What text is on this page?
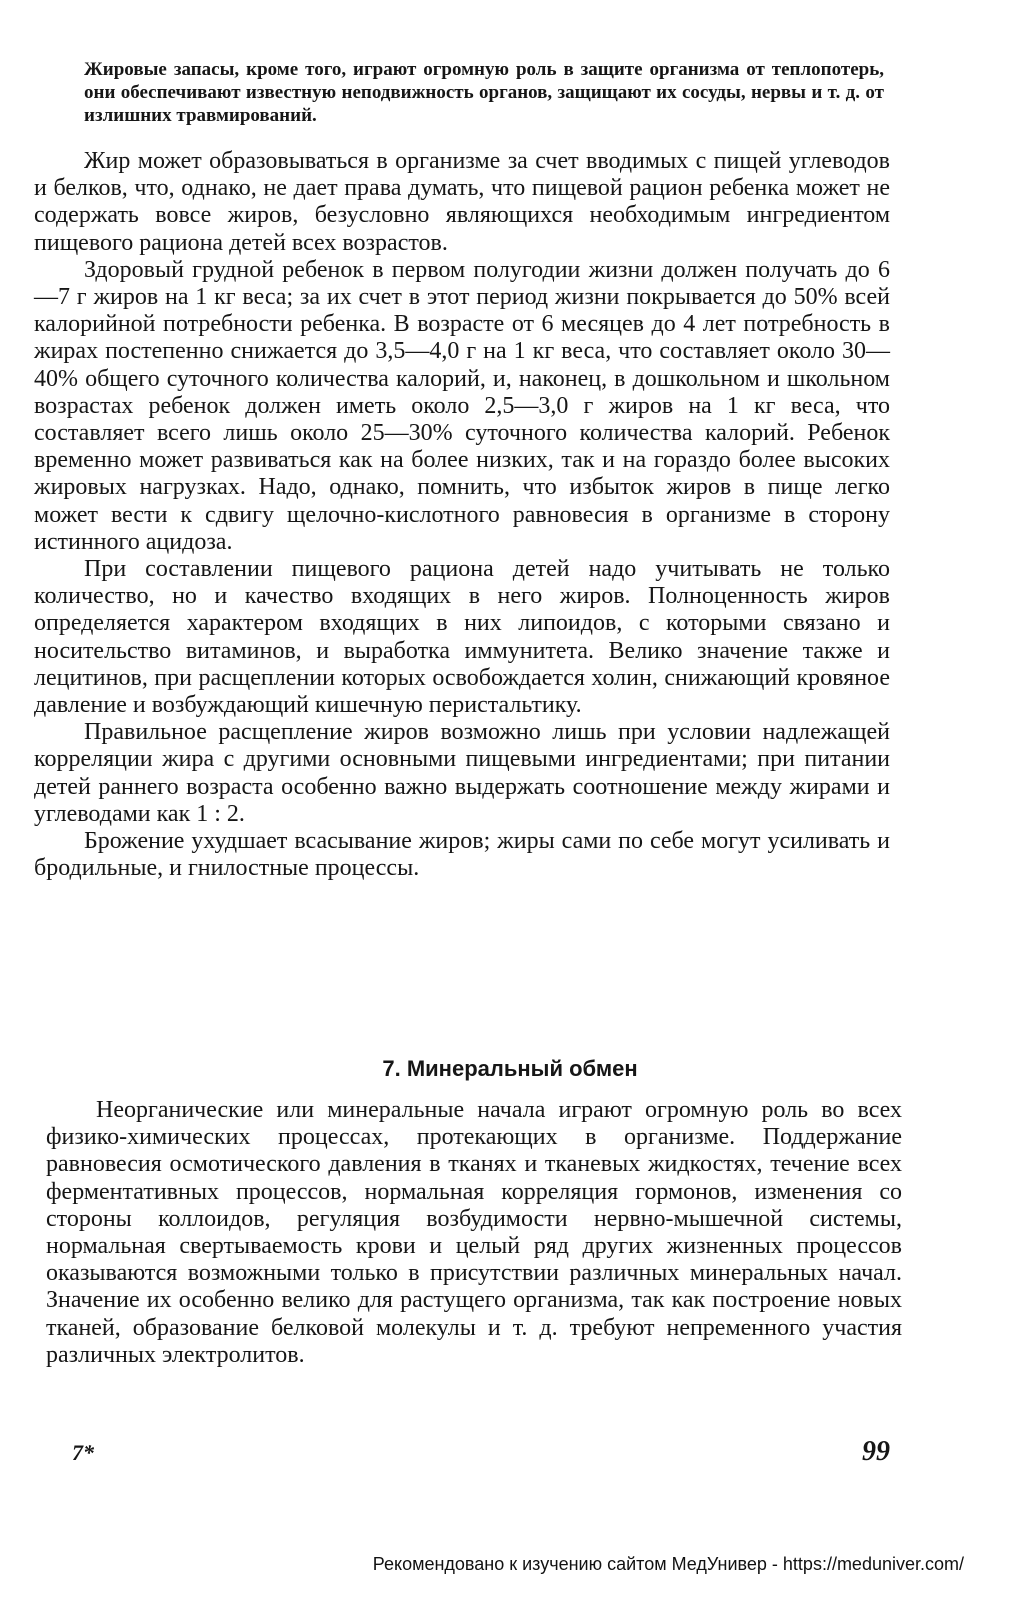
Жировые запасы, кроме того, играют огромную роль в защите организма от теплопотерь, они обеспечивают известную неподвижность органов, защищают их сосуды, нервы и т. д. от излишних травмирований.

Жир может образовываться в организме за счет вводимых с пищей углеводов и белков, что, однако, не дает права думать, что пищевой рацион ребенка может не содержать вовсе жиров, безусловно являющихся необходимым ингредиентом пищевого рациона детей всех возрастов.

Здоровый грудной ребенок в первом полугодии жизни должен получать до 6—7 г жиров на 1 кг веса; за их счет в этот период жизни покрывается до 50% всей калорийной потребности ребенка. В возрасте от 6 месяцев до 4 лет потребность в жирах постепенно снижается до 3,5—4,0 г на 1 кг веса, что составляет около 30—40% общего суточного количества калорий, и, наконец, в дошкольном и школьном возрастах ребенок должен иметь около 2,5—3,0 г жиров на 1 кг веса, что составляет всего лишь около 25—30% суточного количества калорий. Ребенок временно может развиваться как на более низких, так и на гораздо более высоких жировых нагрузках. Надо, однако, помнить, что избыток жиров в пище легко может вести к сдвигу щелочно-кислотного равновесия в организме в сторону истинного ацидоза.

При составлении пищевого рациона детей надо учитывать не только количество, но и качество входящих в него жиров. Полноценность жиров определяется характером входящих в них липоидов, с которыми связано и носительство витаминов, и выработка иммунитета. Велико значение также и лецитинов, при расщеплении которых освобождается холин, снижающий кровяное давление и возбуждающий кишечную перистальтику.

Правильное расщепление жиров возможно лишь при условии надлежащей корреляции жира с другими основными пищевыми ингредиентами; при питании детей раннего возраста особенно важно выдержать соотношение между жирами и углеводами как 1 : 2.

Брожение ухудшает всасывание жиров; жиры сами по себе могут усиливать и бродильные, и гнилостные процессы.

7. Минеральный обмен

Неорганические или минеральные начала играют огромную роль во всех физико-химических процессах, протекающих в организме. Поддержание равновесия осмотического давления в тканях и тканевых жидкостях, течение всех ферментативных процессов, нормальная корреляция гормонов, изменения со стороны коллоидов, регуляция возбудимости нервно-мышечной системы, нормальная свертываемость крови и целый ряд других жизненных процессов оказываются возможными только в присутствии различных минеральных начал. Значение их особенно велико для растущего организма, так как построение новых тканей, образование белковой молекулы и т. д. требуют непременного участия различных электролитов.

7*	99

Рекомендовано к изучению сайтом МедУнивер - https://meduniver.com/
